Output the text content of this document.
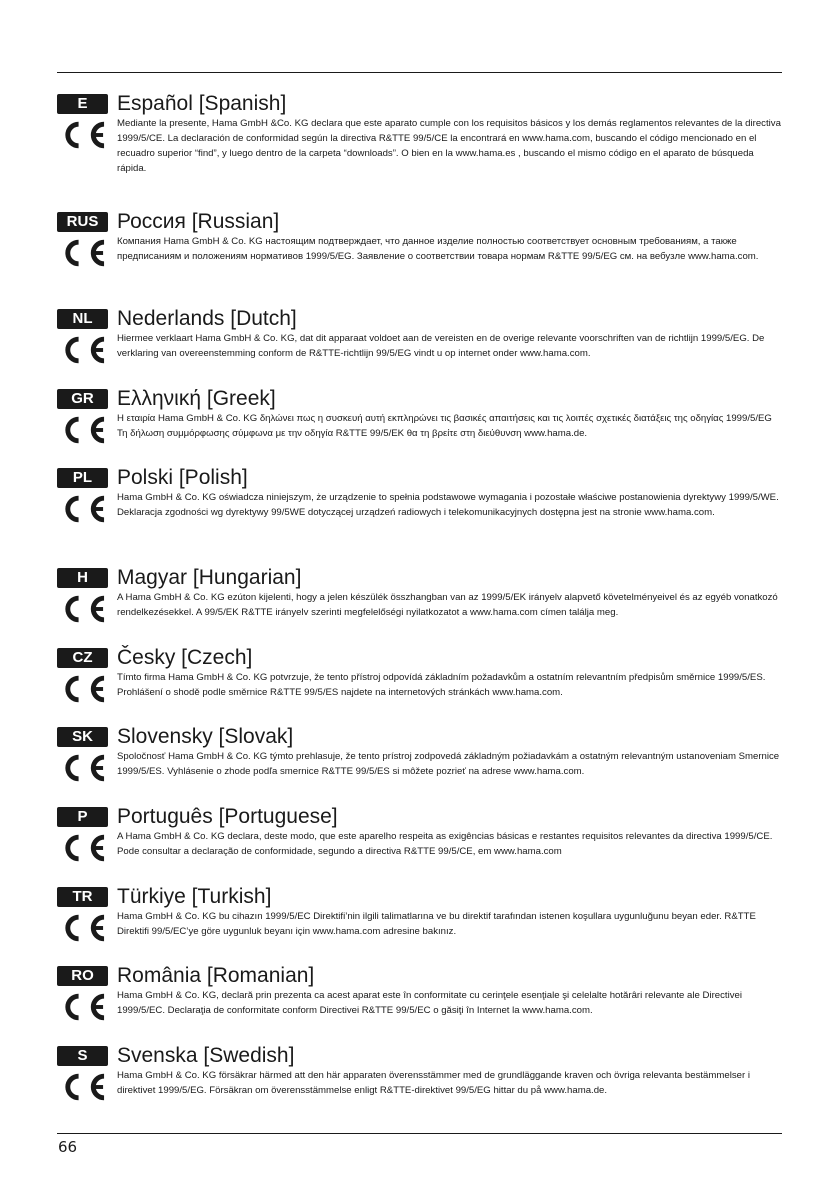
E	Español [Spanish]

Mediante la presente, Hama GmbH &Co. KG declara que este aparato cumple con los requisitos básicos y los demás reglamentos relevantes de la directiva 1999/5/CE. La declaración de conformidad según la directiva R&TTE 99/5/CE la encontrará en www.hama.com, buscando el código mencionado en el recuadro superior “find”, y luego dentro de la carpeta “downloads”. O bien en la www.hama.es , buscando el mismo código en el aparato de búsqueda rápida.

RUS Россия [Russian]

Компания Hama GmbH & Co. KG настоящим подтверждает, что данное изделие полностью соответствует основным требованиям, а также предписаниям и положениям нормативов 1999/5/EG. Заявление о соответствии товара нормам R&TTE 99/5/EG см. на вебузле www.hama.com.

NL	Nederlands [Dutch]

Hiermee verklaart Hama GmbH & Co. KG, dat dit apparaat voldoet aan de vereisten en de overige relevante voorschriften van de richtlijn 1999/5/EG. De verklaring van overeenstemming conform de R&TTE-richtlijn 99/5/EG vindt u op internet onder www.hama.com.

GR	Ελληνική [Greek]

Η εταιρία Hama GmbH & Co. KG δηλώνει πως η συσκευή αυτή εκπληρώνει τις βασικές απαιτήσεις και τις λοιπές σχετικές διατάξεις της οδηγίας 1999/5/EG Τη δήλωση συμμόρφωσης σύμφωνα με την οδηγία R&TTE 99/5/EK θα τη βρείτε στη διεύθυνση www.hama.de.

PL	Polski [Polish]

Hama GmbH & Co. KG oświadcza niniejszym, że urządzenie to spełnia podstawowe wymagania i pozostałe właściwe postanowienia dyrektywy 1999/5/WE. Deklaracja zgodności wg dyrektywy 99/5WE dotyczącej urządzeń radiowych i telekomunikacyjnych dostępna jest na stronie www.hama.com.

H	Magyar [Hungarian]

A Hama GmbH & Co. KG ezúton kijelenti, hogy a jelen készülék összhangban van az 1999/5/EK irányelv alapvető követelményeivel és az egyéb vonatkozó rendelkezésekkel. A 99/5/EK R&TTE irányelv szerinti megfelelőségi nyilatkozatot a www.hama.com címen találja meg.

CZ	Česky [Czech]

Tímto firma Hama GmbH & Co. KG potvrzuje, že tento přístroj odpovídá základním požadavkům a ostatním relevantním předpisům směrnice 1999/5/ES. Prohlášení o shodě podle směrnice R&TTE 99/5/ES najdete na internetových stránkách www.hama.com.

SK	Slovensky [Slovak]

Spoločnosť Hama GmbH & Co. KG týmto prehlasuje, že tento prístroj zodpovedá základným požiadavkám a ostatným relevantným ustanoveniam Smernice 1999/5/ES. Vyhlásenie o zhode podľa smernice R&TTE 99/5/ES si môžete pozrieť na adrese www.hama.com.

P	Português [Portuguese]

A Hama GmbH & Co. KG declara, deste modo, que este aparelho respeita as exigências básicas e restantes requisitos relevantes da directiva 1999/5/CE. Pode consultar a declaração de conformidade, segundo a directiva R&TTE 99/5/CE, em www.hama.com

TR	Türkiye [Turkish]

Hama GmbH & Co. KG bu cihazın 1999/5/EC Direktifi’nin ilgili talimatlarına ve bu direktif tarafından istenen koşullara uygunluğunu beyan eder. R&TTE Direktifi 99/5/EC’ye göre uygunluk beyanı için www.hama.com adresine bakınız.

RO	România [Romanian]

Hama GmbH & Co. KG, declară prin prezenta ca acest aparat este în conformitate cu cerinţele esenţiale şi celelalte hotărâri relevante ale Directivei 1999/5/EC. Declaraţia de conformitate conform Directivei R&TTE 99/5/EC o găsiţi în Internet la www.hama.com.

S	Svenska [Swedish]

Hama GmbH & Co. KG försäkrar härmed att den här apparaten överensstämmer med de grundläggande kraven och övriga relevanta bestämmelser i direktivet 1999/5/EG. Försäkran om överensstämmelse enligt R&TTE-direktivet 99/5/EG hittar du på www.hama.de.

66
